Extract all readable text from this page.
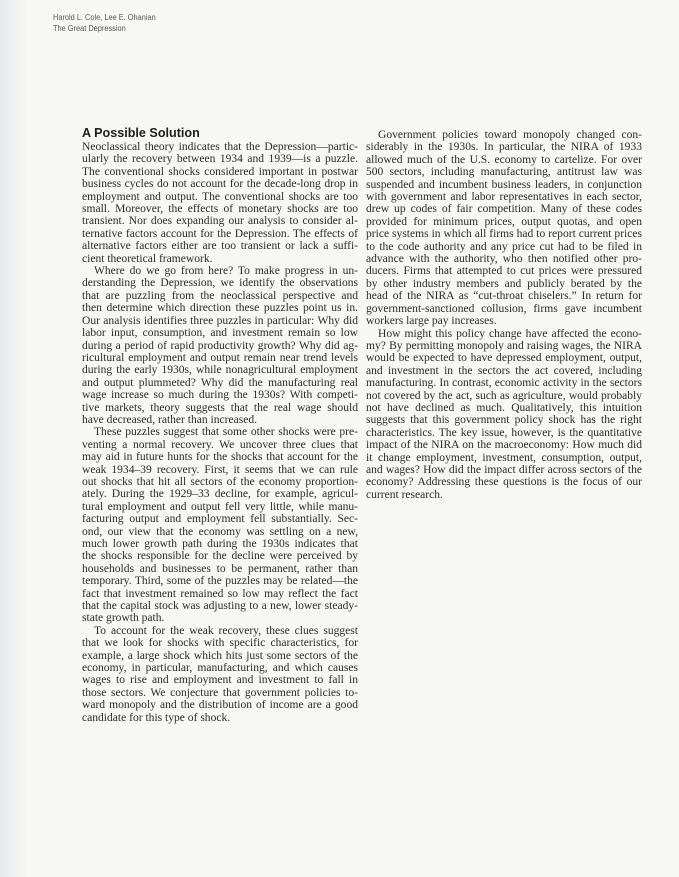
Harold L. Cole, Lee E. Ohanian
The Great Depression
A Possible Solution
Neoclassical theory indicates that the Depression—partic-
ularly the recovery between 1934 and 1939—is a puzzle.
The conventional shocks considered important in postwar
business cycles do not account for the decade-long drop in
employment and output. The conventional shocks are too
small. Moreover, the effects of monetary shocks are too
transient. Nor does expanding our analysis to consider al-
ternative factors account for the Depression. The effects of
alternative factors either are too transient or lack a suffi-
cient theoretical framework.
Where do we go from here? To make progress in un-
derstanding the Depression, we identify the observations
that are puzzling from the neoclassical perspective and
then determine which direction these puzzles point us in.
Our analysis identifies three puzzles in particular: Why did
labor input, consumption, and investment remain so low
during a period of rapid productivity growth? Why did ag-
ricultural employment and output remain near trend levels
during the early 1930s, while nonagricultural employment
and output plummeted? Why did the manufacturing real
wage increase so much during the 1930s? With competi-
tive markets, theory suggests that the real wage should
have decreased, rather than increased.
These puzzles suggest that some other shocks were pre-
venting a normal recovery. We uncover three clues that
may aid in future hunts for the shocks that account for the
weak 1934–39 recovery. First, it seems that we can rule
out shocks that hit all sectors of the economy proportion-
ately. During the 1929–33 decline, for example, agricul-
tural employment and output fell very little, while manu-
facturing output and employment fell substantially. Sec-
ond, our view that the economy was settling on a new,
much lower growth path during the 1930s indicates that
the shocks responsible for the decline were perceived by
households and businesses to be permanent, rather than
temporary. Third, some of the puzzles may be related—the
fact that investment remained so low may reflect the fact
that the capital stock was adjusting to a new, lower steady-
state growth path.
To account for the weak recovery, these clues suggest
that we look for shocks with specific characteristics, for
example, a large shock which hits just some sectors of the
economy, in particular, manufacturing, and which causes
wages to rise and employment and investment to fall in
those sectors. We conjecture that government policies to-
ward monopoly and the distribution of income are a good
candidate for this type of shock.
Government policies toward monopoly changed con-
siderably in the 1930s. In particular, the NIRA of 1933
allowed much of the U.S. economy to cartelize. For over
500 sectors, including manufacturing, antitrust law was
suspended and incumbent business leaders, in conjunction
with government and labor representatives in each sector,
drew up codes of fair competition. Many of these codes
provided for minimum prices, output quotas, and open
price systems in which all firms had to report current prices
to the code authority and any price cut had to be filed in
advance with the authority, who then notified other pro-
ducers. Firms that attempted to cut prices were pressured
by other industry members and publicly berated by the
head of the NIRA as “cut-throat chiselers.” In return for
government-sanctioned collusion, firms gave incumbent
workers large pay increases.
How might this policy change have affected the econo-
my? By permitting monopoly and raising wages, the NIRA
would be expected to have depressed employment, output,
and investment in the sectors the act covered, including
manufacturing. In contrast, economic activity in the sectors
not covered by the act, such as agriculture, would probably
not have declined as much. Qualitatively, this intuition
suggests that this government policy shock has the right
characteristics. The key issue, however, is the quantitative
impact of the NIRA on the macroeconomy: How much did
it change employment, investment, consumption, output,
and wages? How did the impact differ across sectors of the
economy? Addressing these questions is the focus of our
current research.
